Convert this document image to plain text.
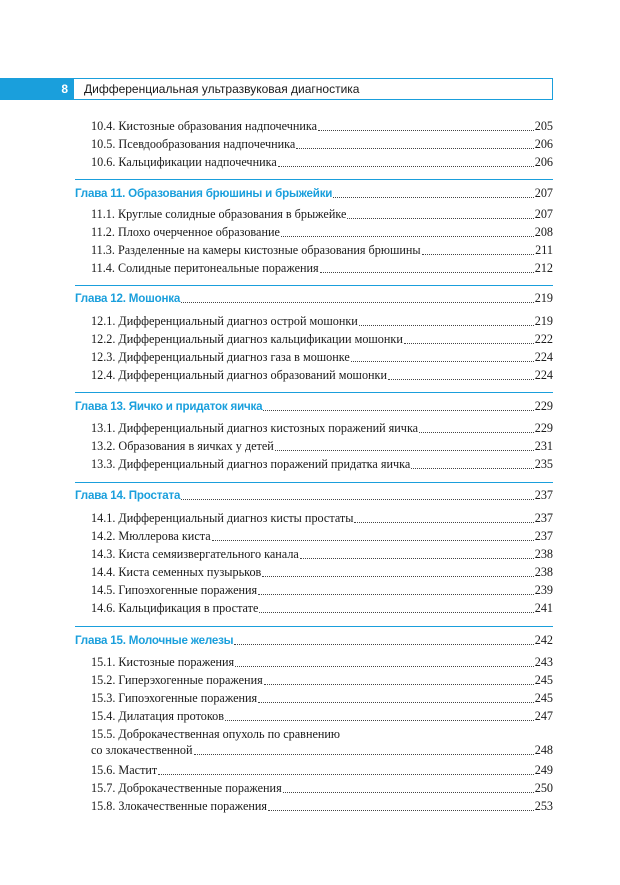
8	Дифференциальная ультразвуковая диагностика
10.4. Кистозные образования надпочечника	205
10.5. Псевдообразования надпочечника	206
10.6. Кальцификации надпочечника	206
Глава 11. Образования брюшины и брыжейки	207
11.1. Круглые солидные образования в брыжейке	207
11.2. Плохо очерченное образование	208
11.3. Разделенные на камеры кистозные образования брюшины	211
11.4. Солидные перитонеальные поражения	212
Глава 12. Мошонка	219
12.1. Дифференциальный диагноз острой мошонки	219
12.2. Дифференциальный диагноз кальцификации мошонки	222
12.3. Дифференциальный диагноз газа в мошонке	224
12.4. Дифференциальный диагноз образований мошонки	224
Глава 13. Яичко и придаток яичка	229
13.1. Дифференциальный диагноз кистозных поражений яичка	229
13.2. Образования в яичках у детей	231
13.3. Дифференциальный диагноз поражений придатка яичка	235
Глава 14. Простата	237
14.1. Дифференциальный диагноз кисты простаты	237
14.2. Мюллерова киста	237
14.3. Киста семяизвергательного канала	238
14.4. Киста семенных пузырьков	238
14.5. Гипоэхогенные поражения	239
14.6. Кальцификация в простате	241
Глава 15. Молочные железы	242
15.1. Кистозные поражения	243
15.2. Гиперэхогенные поражения	245
15.3. Гипоэхогенные поражения	245
15.4. Дилатация протоков	247
15.5. Доброкачественная опухоль по сравнению
со злокачественной	248
15.6. Мастит	249
15.7. Доброкачественные поражения	250
15.8. Злокачественные поражения	253
